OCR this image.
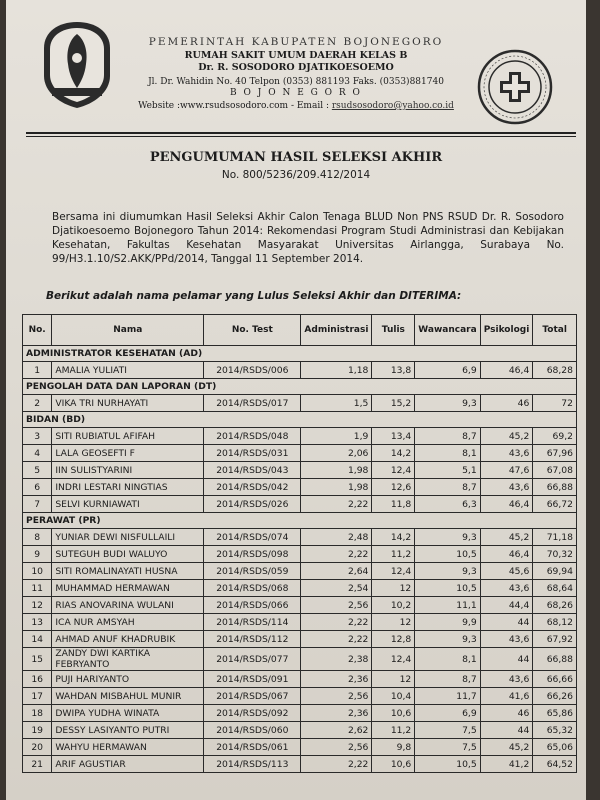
PEMERINTAH KABUPATEN BOJONEGORO
RUMAH SAKIT UMUM DAERAH KELAS B
Dr. R. SOSODORO DJATIKOESOEMO
Jl. Dr. Wahidin No. 40 Telpon (0353) 881193 Faks. (0353)881740
B O J O N E G O R O
Website :www.rsudsosodoro.com - Email : rsudsosodoro@yahoo.co.id
PENGUMUMAN HASIL SELEKSI AKHIR
No. 800/5236/209.412/2014
Bersama ini diumumkan Hasil Seleksi Akhir Calon Tenaga BLUD Non PNS RSUD Dr. R. Sosodoro Djatikoesoemo Bojonegoro Tahun 2014: Rekomendasi Program Studi Administrasi dan Kebijakan Kesehatan, Fakultas Kesehatan Masyarakat Universitas Airlangga, Surabaya No. 99/H3.1.10/S2.AKK/PPd/2014, Tanggal 11 September 2014.
Berikut adalah nama pelamar yang Lulus Seleksi Akhir dan DITERIMA:
No.	Nama	No. Test	Administrasi	Tulis	Wawancara	Psikologi	Total
ADMINISTRATOR KESEHATAN (AD)							
1	AMALIA YULIATI	2014/RSDS/006	1,18	13,8	6,9	46,4	68,28
PENGOLAH DATA DAN LAPORAN (DT)							
2	VIKA TRI NURHAYATI	2014/RSDS/017	1,5	15,2	9,3	46	72
BIDAN (BD)							
3	SITI RUBIATUL AFIFAH	2014/RSDS/048	1,9	13,4	8,7	45,2	69,2
4	LALA GEOSEFTI F	2014/RSDS/031	2,06	14,2	8,1	43,6	67,96
5	IIN SULISTYARINI	2014/RSDS/043	1,98	12,4	5,1	47,6	67,08
6	INDRI LESTARI NINGTIAS	2014/RSDS/042	1,98	12,6	8,7	43,6	66,88
7	SELVI KURNIAWATI	2014/RSDS/026	2,22	11,8	6,3	46,4	66,72
PERAWAT (PR)							
8	YUNIAR DEWI NISFULLAILI	2014/RSDS/074	2,48	14,2	9,3	45,2	71,18
9	SUTEGUH BUDI WALUYO	2014/RSDS/098	2,22	11,2	10,5	46,4	70,32
10	SITI ROMALINAYATI HUSNA	2014/RSDS/059	2,64	12,4	9,3	45,6	69,94
11	MUHAMMAD HERMAWAN	2014/RSDS/068	2,54	12	10,5	43,6	68,64
12	RIAS ANOVARINA WULANI	2014/RSDS/066	2,56	10,2	11,1	44,4	68,26
13	ICA NUR AMSYAH	2014/RSDS/114	2,22	12	9,9	44	68,12
14	AHMAD ANUF KHADRUBIK	2014/RSDS/112	2,22	12,8	9,3	43,6	67,92
15	ZANDY DWI KARTIKA FEBRYANTO	2014/RSDS/077	2,38	12,4	8,1	44	66,88
16	PUJI HARIYANTO	2014/RSDS/091	2,36	12	8,7	43,6	66,66
17	WAHDAN MISBAHUL MUNIR	2014/RSDS/067	2,56	10,4	11,7	41,6	66,26
18	DWIPA YUDHA WINATA	2014/RSDS/092	2,36	10,6	6,9	46	65,86
19	DESSY LASIYANTO PUTRI	2014/RSDS/060	2,62	11,2	7,5	44	65,32
20	WAHYU HERMAWAN	2014/RSDS/061	2,56	9,8	7,5	45,2	65,06
21	ARIF AGUSTIAR	2014/RSDS/113	2,22	10,6	10,5	41,2	64,52
